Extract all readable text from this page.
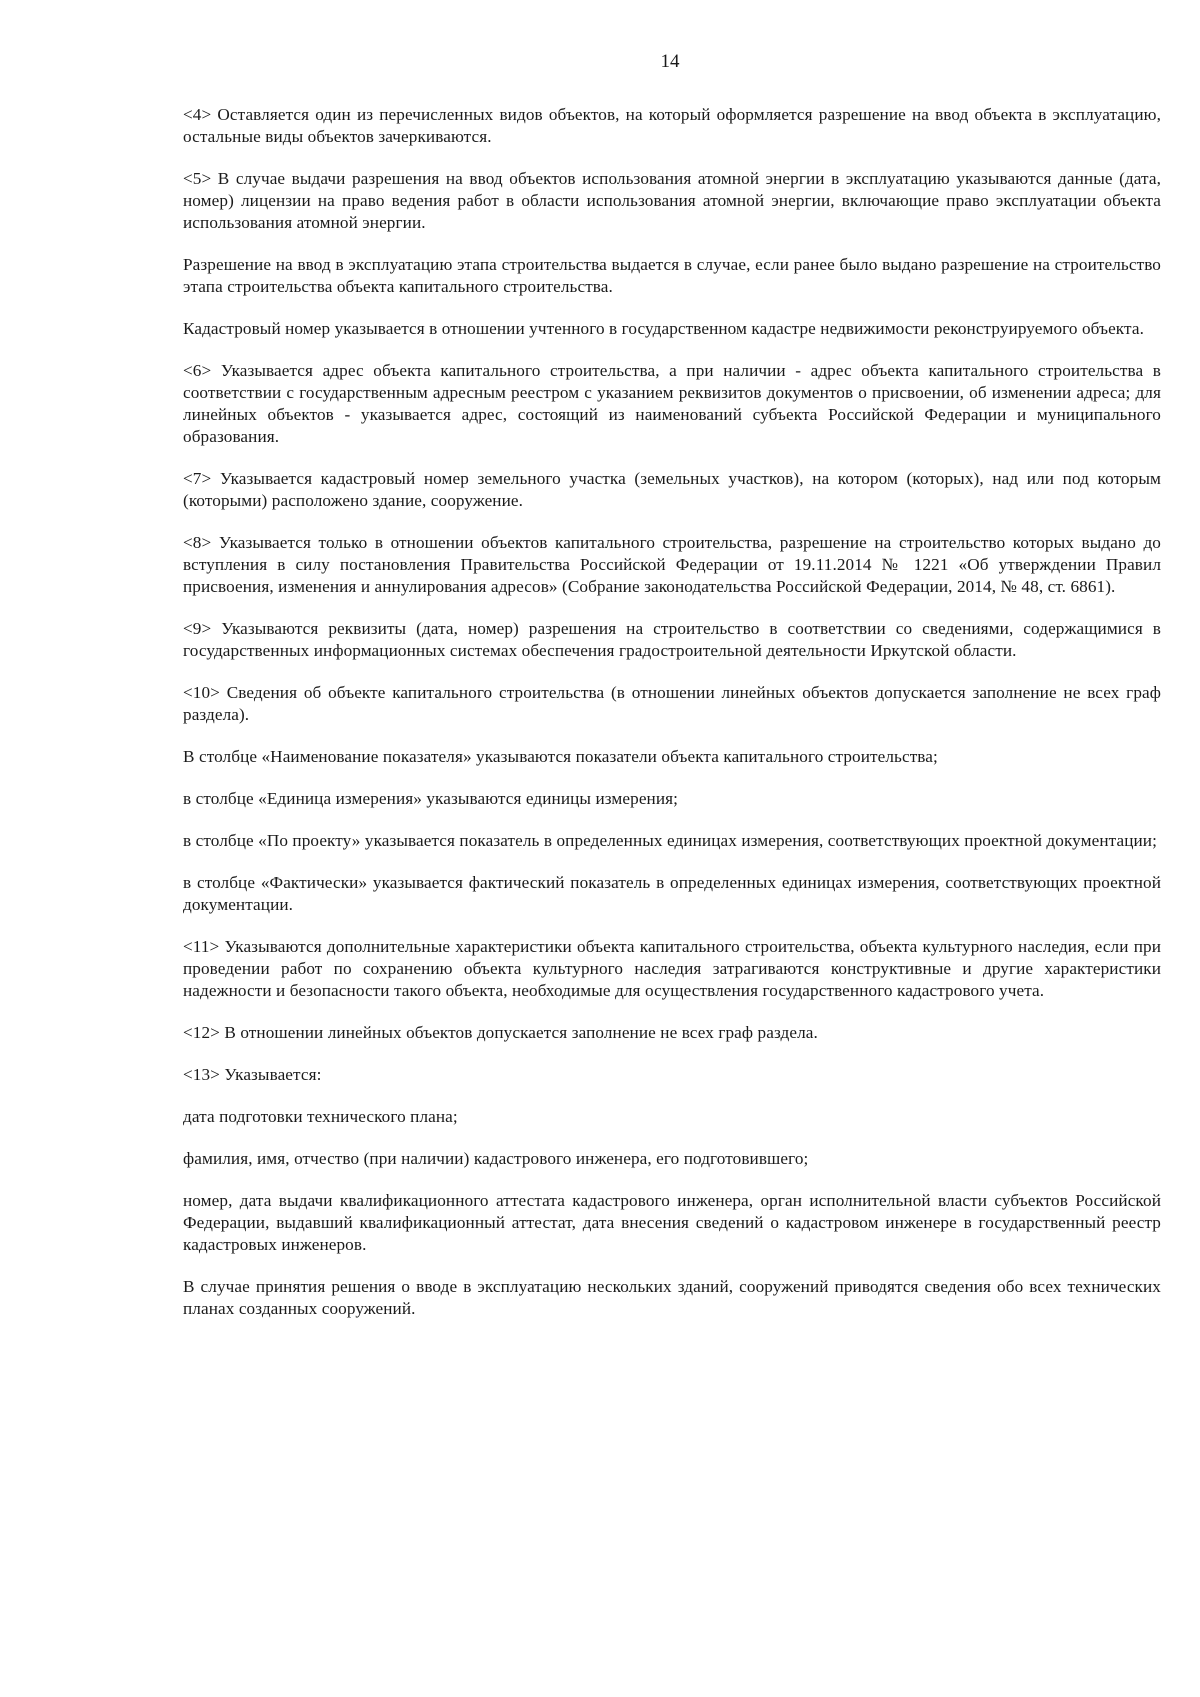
14

<4> Оставляется один из перечисленных видов объектов, на который оформляется разрешение на ввод объекта в эксплуатацию, остальные виды объектов зачеркиваются.

<5> В случае выдачи разрешения на ввод объектов использования атомной энергии в эксплуатацию указываются данные (дата, номер) лицензии на право ведения работ в области использования атомной энергии, включающие право эксплуатации объекта использования атомной энергии.

Разрешение на ввод в эксплуатацию этапа строительства выдается в случае, если ранее было выдано разрешение на строительство этапа строительства объекта капитального строительства.

Кадастровый номер указывается в отношении учтенного в государственном кадастре недвижимости реконструируемого объекта.

<6> Указывается адрес объекта капитального строительства, а при наличии - адрес объекта капитального строительства в соответствии с государственным адресным реестром с указанием реквизитов документов о присвоении, об изменении адреса; для линейных объектов - указывается адрес, состоящий из наименований субъекта Российской Федерации и муниципального образования.

<7> Указывается кадастровый номер земельного участка (земельных участков), на котором (которых), над или под которым (которыми) расположено здание, сооружение.

<8> Указывается только в отношении объектов капитального строительства, разрешение на строительство которых выдано до вступления в силу постановления Правительства Российской Федерации от 19.11.2014 № 1221 «Об утверждении Правил присвоения, изменения и аннулирования адресов» (Собрание законодательства Российской Федерации, 2014, № 48, ст. 6861).

<9> Указываются реквизиты (дата, номер) разрешения на строительство в соответствии со сведениями, содержащимися в государственных информационных системах обеспечения градостроительной деятельности Иркутской области.

<10> Сведения об объекте капитального строительства (в отношении линейных объектов допускается заполнение не всех граф раздела).

В столбце «Наименование показателя» указываются показатели объекта капитального строительства;

в столбце «Единица измерения» указываются единицы измерения;

в столбце «По проекту» указывается показатель в определенных единицах измерения, соответствующих проектной документации;

в столбце «Фактически» указывается фактический показатель в определенных единицах измерения, соответствующих проектной документации.

<11> Указываются дополнительные характеристики объекта капитального строительства, объекта культурного наследия, если при проведении работ по сохранению объекта культурного наследия затрагиваются конструктивные и другие характеристики надежности и безопасности такого объекта, необходимые для осуществления государственного кадастрового учета.

<12> В отношении линейных объектов допускается заполнение не всех граф раздела.

<13> Указывается:

дата подготовки технического плана;

фамилия, имя, отчество (при наличии) кадастрового инженера, его подготовившего;

номер, дата выдачи квалификационного аттестата кадастрового инженера, орган исполнительной власти субъектов Российской Федерации, выдавший квалификационный аттестат, дата внесения сведений о кадастровом инженере в государственный реестр кадастровых инженеров.

В случае принятия решения о вводе в эксплуатацию нескольких зданий, сооружений приводятся сведения обо всех технических планах созданных сооружений.
